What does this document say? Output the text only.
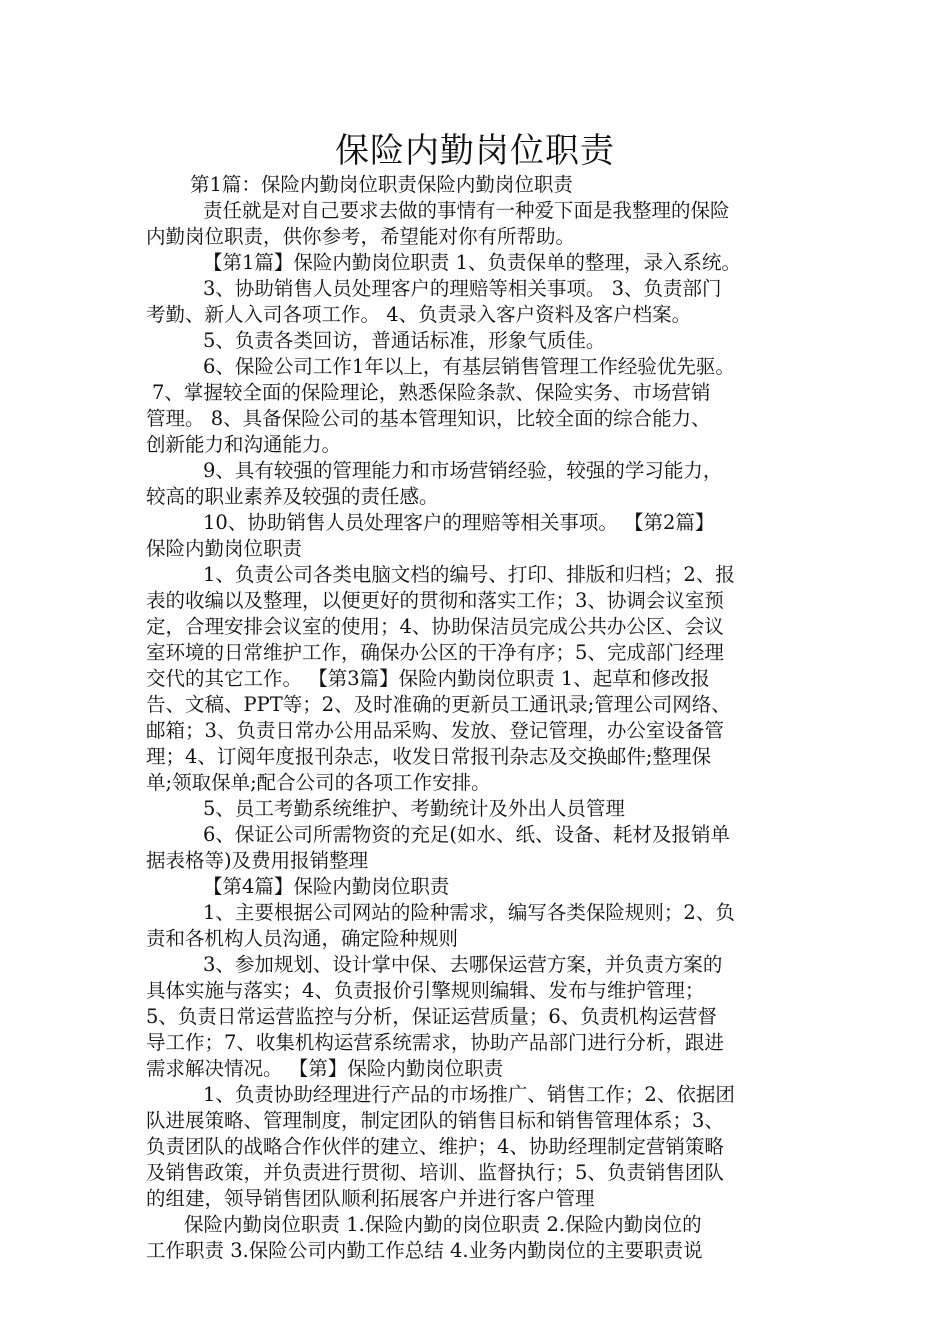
保险内勤岗位职责
第1篇：保险内勤岗位职责保险内勤岗位职责
责任就是对自己要求去做的事情有一种爱下面是我整理的保险
内勤岗位职责，供你参考，希望能对你有所帮助。
【第1篇】保险内勤岗位职责 1、负责保单的整理，录入系统。
3、协助销售人员处理客户的理赔等相关事项。 3、负责部门
考勤、新人入司各项工作。 4、负责录入客户资料及客户档案。
5、负责各类回访，普通话标准，形象气质佳。
6、保险公司工作1年以上，有基层销售管理工作经验优先驱。
7、掌握较全面的保险理论，熟悉保险条款、保险实务、市场营销
管理。 8、具备保险公司的基本管理知识，比较全面的综合能力、
创新能力和沟通能力。
9、具有较强的管理能力和市场营销经验，较强的学习能力，
较高的职业素养及较强的责任感。
10、协助销售人员处理客户的理赔等相关事项。 【第2篇】
保险内勤岗位职责
1、负责公司各类电脑文档的编号、打印、排版和归档；2、报
表的收编以及整理，以便更好的贯彻和落实工作；3、协调会议室预
定，合理安排会议室的使用；4、协助保洁员完成公共办公区、会议
室环境的日常维护工作，确保办公区的干净有序；5、完成部门经理
交代的其它工作。 【第3篇】保险内勤岗位职责 1、起草和修改报
告、文稿、PPT等；2、及时准确的更新员工通讯录;管理公司网络、
邮箱；3、负责日常办公用品采购、发放、登记管理，办公室设备管
理；4、订阅年度报刊杂志，收发日常报刊杂志及交换邮件;整理保
单;领取保单;配合公司的各项工作安排。
5、员工考勤系统维护、考勤统计及外出人员管理
6、保证公司所需物资的充足(如水、纸、设备、耗材及报销单
据表格等)及费用报销整理
【第4篇】保险内勤岗位职责
1、主要根据公司网站的险种需求，编写各类保险规则；2、负
责和各机构人员沟通，确定险种规则
3、参加规划、设计掌中保、去哪保运营方案，并负责方案的
具体实施与落实；4、负责报价引擎规则编辑、发布与维护管理；
5、负责日常运营监控与分析，保证运营质量；6、负责机构运营督
导工作；7、收集机构运营系统需求，协助产品部门进行分析，跟进
需求解决情况。 【第】保险内勤岗位职责
1、负责协助经理进行产品的市场推广、销售工作；2、依据团
队进展策略、管理制度，制定团队的销售目标和销售管理体系；3、
负责团队的战略合作伙伴的建立、维护；4、协助经理制定营销策略
及销售政策，并负责进行贯彻、培训、监督执行；5、负责销售团队
的组建，领导销售团队顺利拓展客户并进行客户管理
保险内勤岗位职责 1.保险内勤的岗位职责 2.保险内勤岗位的
工作职责 3.保险公司内勤工作总结 4.业务内勤岗位的主要职责说
